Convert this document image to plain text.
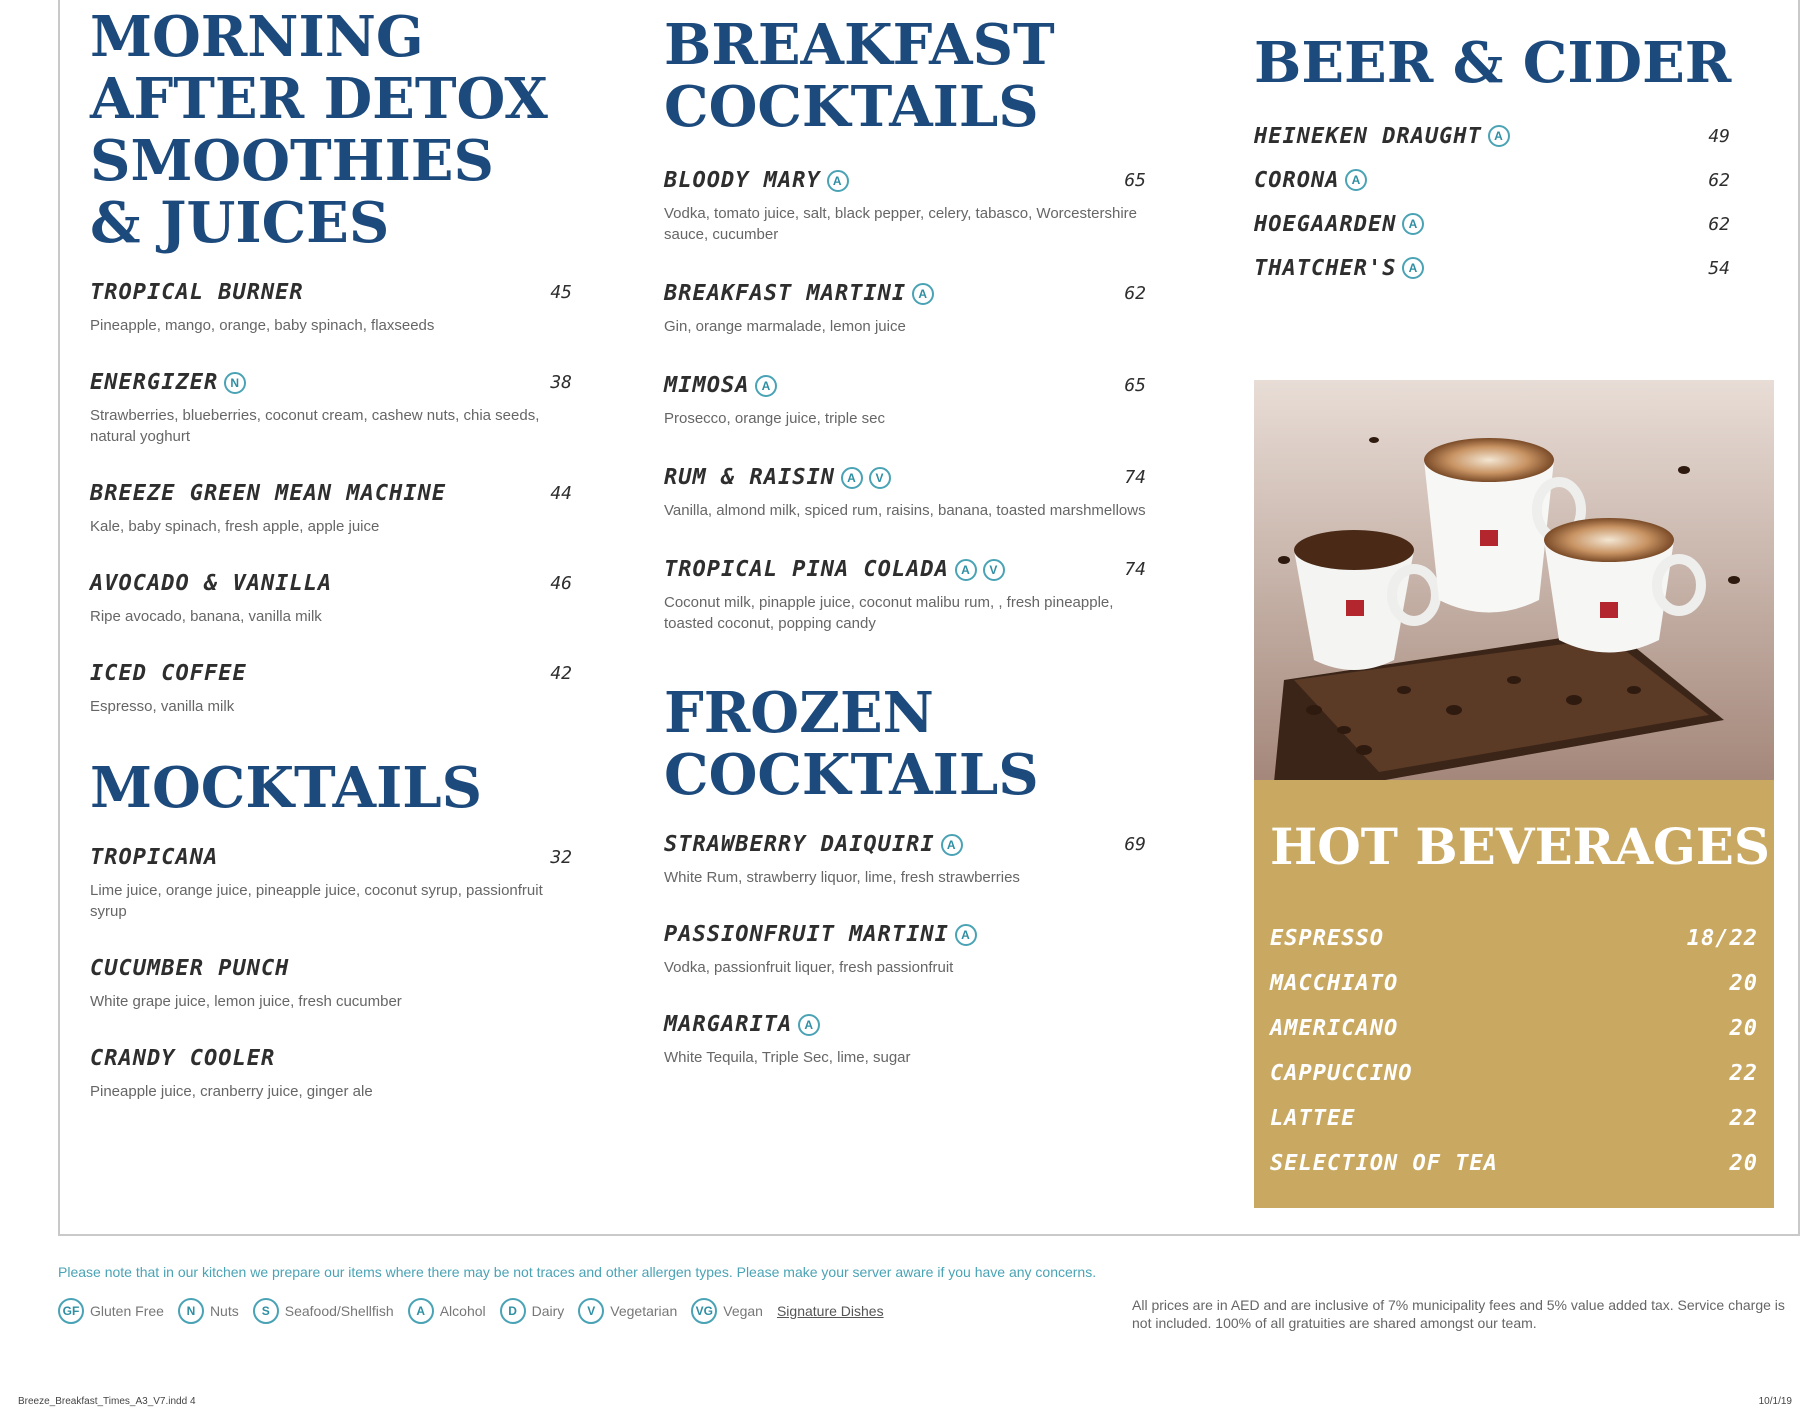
MORNING AFTER DETOX SMOOTHIES & JUICES
TROPICAL BURNER	45
Pineapple, mango, orange, baby spinach, flaxseeds
ENERGIZER	N	38
Strawberries, blueberries, coconut cream, cashew nuts, chia seeds, natural yoghurt
BREEZE GREEN MEAN MACHINE	44
Kale, baby spinach, fresh apple, apple juice
AVOCADO & VANILLA	46
Ripe avocado, banana, vanilla milk
ICED COFFEE	42
Espresso, vanilla milk
MOCKTAILS
TROPICANA	32
Lime juice, orange juice, pineapple juice, coconut syrup, passionfruit syrup
CUCUMBER PUNCH
White grape juice, lemon juice, fresh cucumber
CRANDY COOLER
Pineapple juice, cranberry juice, ginger ale
BREAKFAST COCKTAILS
BLOODY MARY	A	65
Vodka, tomato juice, salt, black pepper, celery, tabasco, Worcestershire sauce, cucumber
BREAKFAST MARTINI	A	62
Gin, orange marmalade, lemon juice
MIMOSA	A	65
Prosecco, orange juice, triple sec
RUM & RAISIN	A	V	74
Vanilla, almond milk, spiced rum, raisins, banana, toasted marshmellows
TROPICAL PINA COLADA	A	V	74
Coconut milk, pinapple juice, coconut malibu rum, , fresh pineapple, toasted coconut, popping candy
FROZEN COCKTAILS
STRAWBERRY DAIQUIRI	A	69
White Rum, strawberry liquor, lime, fresh strawberries
PASSIONFRUIT MARTINI	A
Vodka, passionfruit liquer, fresh passionfruit
MARGARITA	A
White Tequila, Triple Sec, lime, sugar
BEER & CIDER
HEINEKEN DRAUGHT	A	49
CORONA	A	62
HOEGAARDEN	A	62
THATCHER'S	A	54
HOT BEVERAGES
ESPRESSO	18/22
MACCHIATO	20
AMERICANO	20
CAPPUCCINO	22
LATTEE	22
SELECTION OF TEA	20
Please note that in our kitchen we prepare our items where there may be not traces and other allergen types. Please make your server aware if you have any concerns.
GF Gluten Free	N	Nuts	S	Seafood/Shellfish	A	Alcohol	D	Dairy	V	Vegetarian	VG Vegan Signature Dishes	All prices are in AED and are inclusive of 7% municipality fees and 5% value added tax. Service charge is not included. 100% of all gratuities are shared amongst our team.
Breeze_Breakfast_Times_A3_V7.indd 4	10/1/19
